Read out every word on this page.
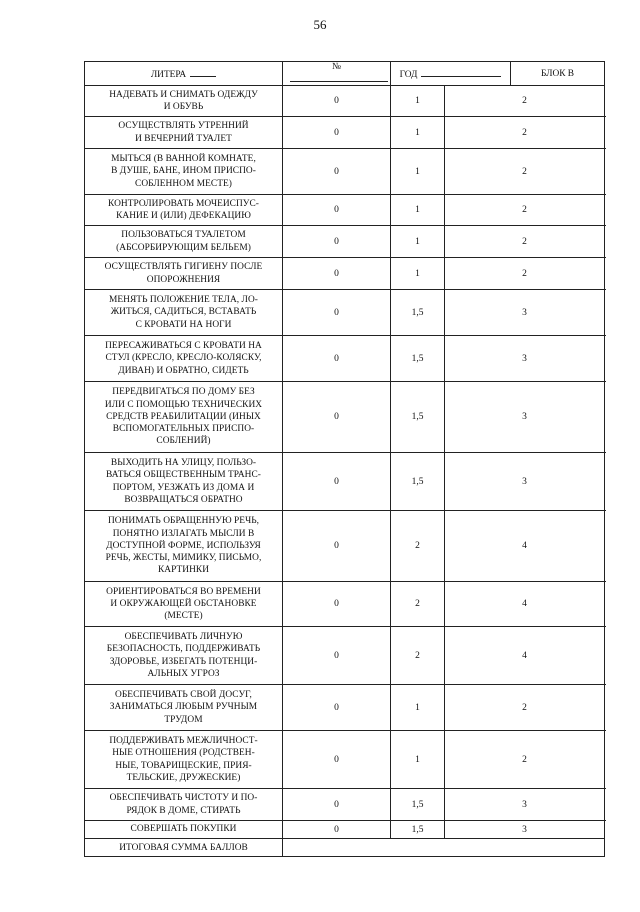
56
ЛИТЕРА	№	ГОД		БЛОК В
НАДЕВАТЬ И СНИМАТЬ ОДЕЖДУ
И ОБУВЬ	0	1	2	
ОСУЩЕСТВЛЯТЬ УТРЕННИЙ
И ВЕЧЕРНИЙ ТУАЛЕТ	0	1	2	
МЫТЬСЯ (В ВАННОЙ КОМНАТЕ,
В ДУШЕ, БАНЕ, ИНОМ ПРИСПО-
СОБЛЕННОМ МЕСТЕ)	0	1	2	
КОНТРОЛИРОВАТЬ МОЧЕИСПУС-
КАНИЕ И (ИЛИ) ДЕФЕКАЦИЮ	0	1	2	
ПОЛЬЗОВАТЬСЯ ТУАЛЕТОМ
(АБСОРБИРУЮЩИМ БЕЛЬЕМ)	0	1	2	
ОСУЩЕСТВЛЯТЬ ГИГИЕНУ ПОСЛЕ
ОПОРОЖНЕНИЯ	0	1	2	
МЕНЯТЬ ПОЛОЖЕНИЕ ТЕЛА, ЛО-
ЖИТЬСЯ, САДИТЬСЯ, ВСТАВАТЬ
С КРОВАТИ НА НОГИ	0	1,5	3	
ПЕРЕСАЖИВАТЬСЯ С КРОВАТИ НА
СТУЛ (КРЕСЛО, КРЕСЛО-КОЛЯСКУ,
ДИВАН) И ОБРАТНО, СИДЕТЬ	0	1,5	3	
ПЕРЕДВИГАТЬСЯ ПО ДОМУ БЕЗ
ИЛИ С ПОМОЩЬЮ ТЕХНИЧЕСКИХ
СРЕДСТВ РЕАБИЛИТАЦИИ (ИНЫХ
ВСПОМОГАТЕЛЬНЫХ ПРИСПО-
СОБЛЕНИЙ)	0	1,5	3	
ВЫХОДИТЬ НА УЛИЦУ, ПОЛЬЗО-
ВАТЬСЯ ОБЩЕСТВЕННЫМ ТРАНС-
ПОРТОМ, УЕЗЖАТЬ ИЗ ДОМА И
ВОЗВРАЩАТЬСЯ ОБРАТНО	0	1,5	3	
ПОНИМАТЬ ОБРАЩЕННУЮ РЕЧЬ,
ПОНЯТНО ИЗЛАГАТЬ МЫСЛИ В
ДОСТУПНОЙ ФОРМЕ, ИСПОЛЬЗУЯ
РЕЧЬ, ЖЕСТЫ, МИМИКУ, ПИСЬМО,
КАРТИНКИ	0	2	4	
ОРИЕНТИРОВАТЬСЯ ВО ВРЕМЕНИ
И ОКРУЖАЮЩЕЙ ОБСТАНОВКЕ
(МЕСТЕ)	0	2	4	
ОБЕСПЕЧИВАТЬ ЛИЧНУЮ
БЕЗОПАСНОСТЬ, ПОДДЕРЖИВАТЬ
ЗДОРОВЬЕ, ИЗБЕГАТЬ ПОТЕНЦИ-
АЛЬНЫХ УГРОЗ	0	2	4	
ОБЕСПЕЧИВАТЬ СВОЙ ДОСУГ,
ЗАНИМАТЬСЯ ЛЮБЫМ РУЧНЫМ
ТРУДОМ	0	1	2	
ПОДДЕРЖИВАТЬ МЕЖЛИЧНОСТ-
НЫЕ ОТНОШЕНИЯ (РОДСТВЕН-
НЫЕ, ТОВАРИЩЕСКИЕ, ПРИЯ-
ТЕЛЬСКИЕ, ДРУЖЕСКИЕ)	0	1	2	
ОБЕСПЕЧИВАТЬ ЧИСТОТУ И ПО-
РЯДОК В ДОМЕ, СТИРАТЬ	0	1,5	3	
СОВЕРШАТЬ ПОКУПКИ	0	1,5	3	
ИТОГОВАЯ СУММА БАЛЛОВ				
